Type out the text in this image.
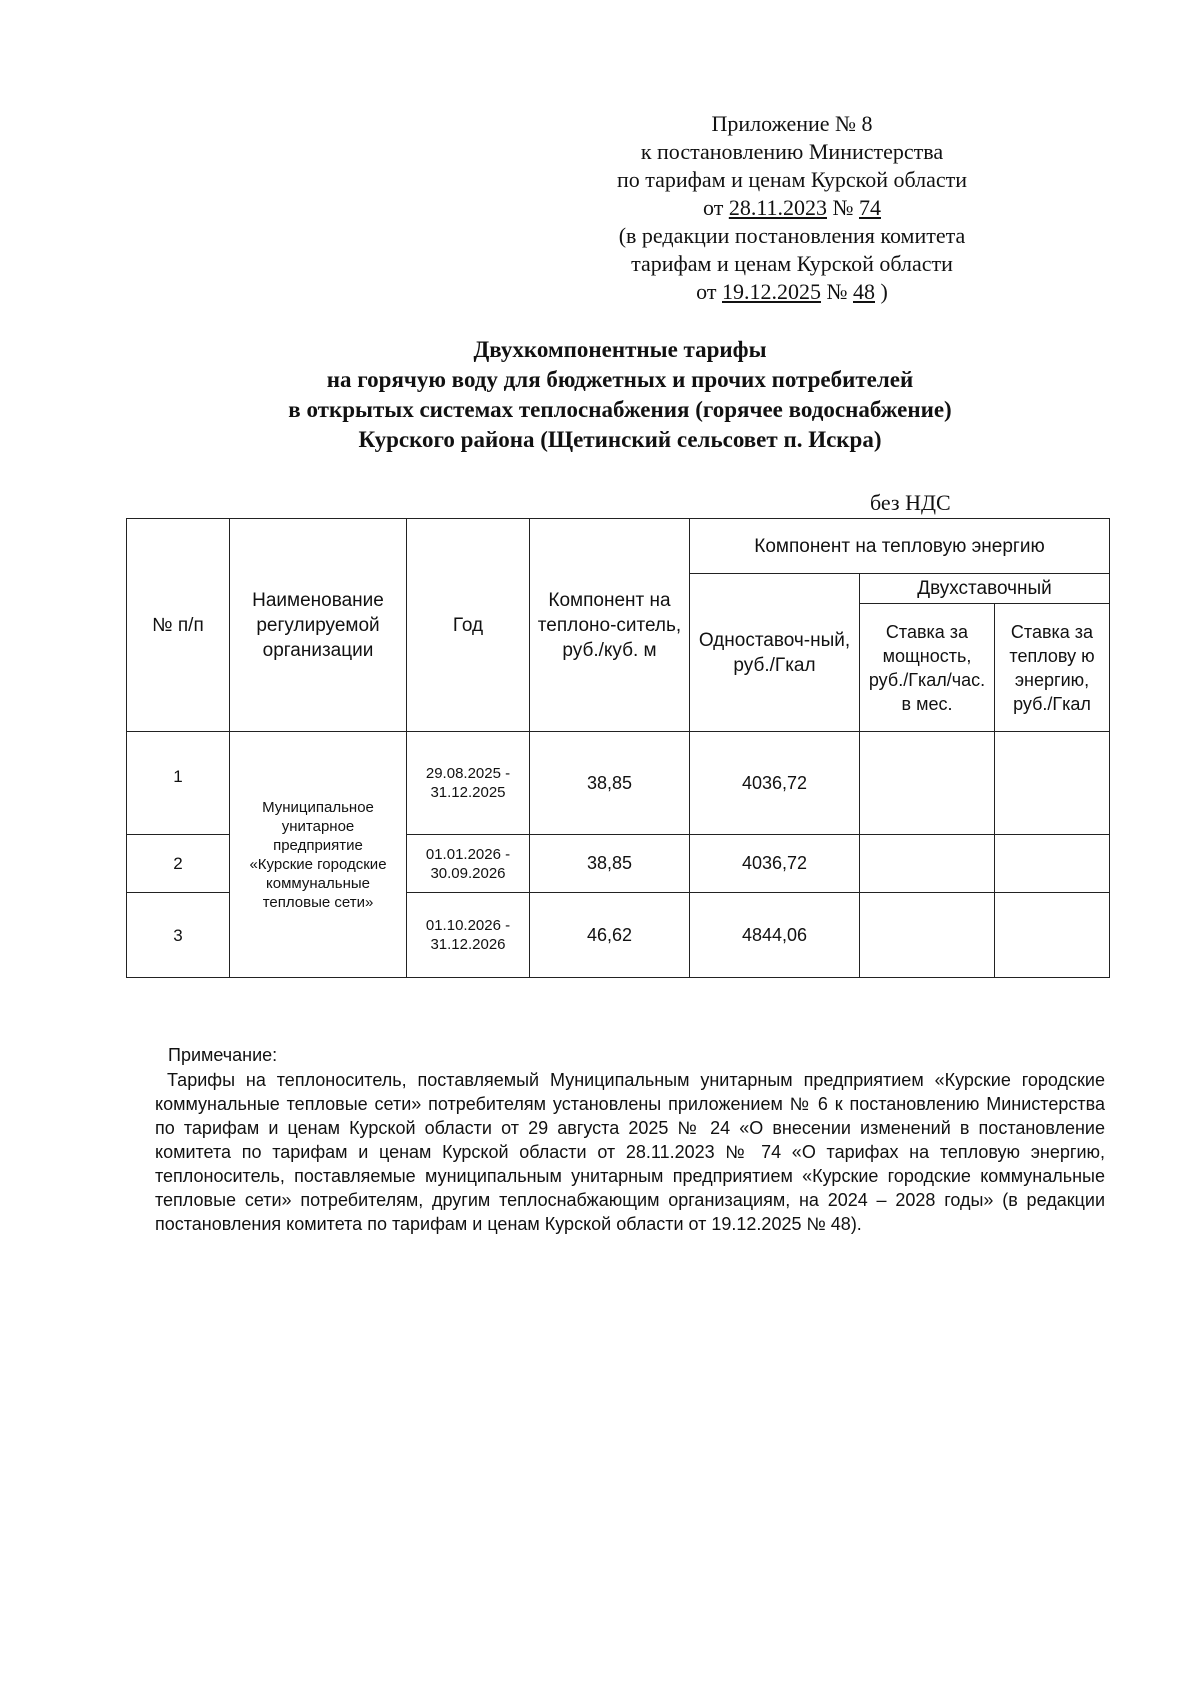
Приложение № 8
к постановлению Министерства
по тарифам и ценам Курской области
от 28.11.2023 № 74
(в редакции постановления комитета
тарифам и ценам Курской области
от 19.12.2025 № 48 )
Двухкомпонентные тарифы
на горячую воду для бюджетных и прочих потребителей
в открытых системах теплоснабжения (горячее водоснабжение)
Курского района (Щетинский сельсовет п. Искра)
без НДС
№ п/п	Наименование регулируемой организации	Год	Компонент на теплоно-ситель, руб./куб. м	Компонент на тепловую энергию		
				Одноставоч-ный, руб./Гкал	Двухставочный	
					Ставка за мощность, руб./Гкал/час. в мес.	Ставка за теплову ю энергию, руб./Гкал
1	Муниципальное унитарное предприятие «Курские городские коммунальные тепловые сети»	29.08.2025 - 31.12.2025	38,85	4036,72		
2		01.01.2026 - 30.09.2026	38,85	4036,72		
3		01.10.2026 - 31.12.2026	46,62	4844,06		
Примечание:
Тарифы на теплоноситель, поставляемый Муниципальным унитарным предприятием «Курские городские коммунальные тепловые сети» потребителям установлены приложением № 6 к постановлению Министерства по тарифам и ценам Курской области от 29 августа 2025 № 24 «О внесении изменений в постановление комитета по тарифам и ценам Курской области от 28.11.2023 № 74 «О тарифах на тепловую энергию, теплоноситель, поставляемые муниципальным унитарным предприятием «Курские городские коммунальные тепловые сети» потребителям, другим теплоснабжающим организациям, на 2024 – 2028 годы» (в редакции постановления комитета по тарифам и ценам Курской области от 19.12.2025 № 48).
